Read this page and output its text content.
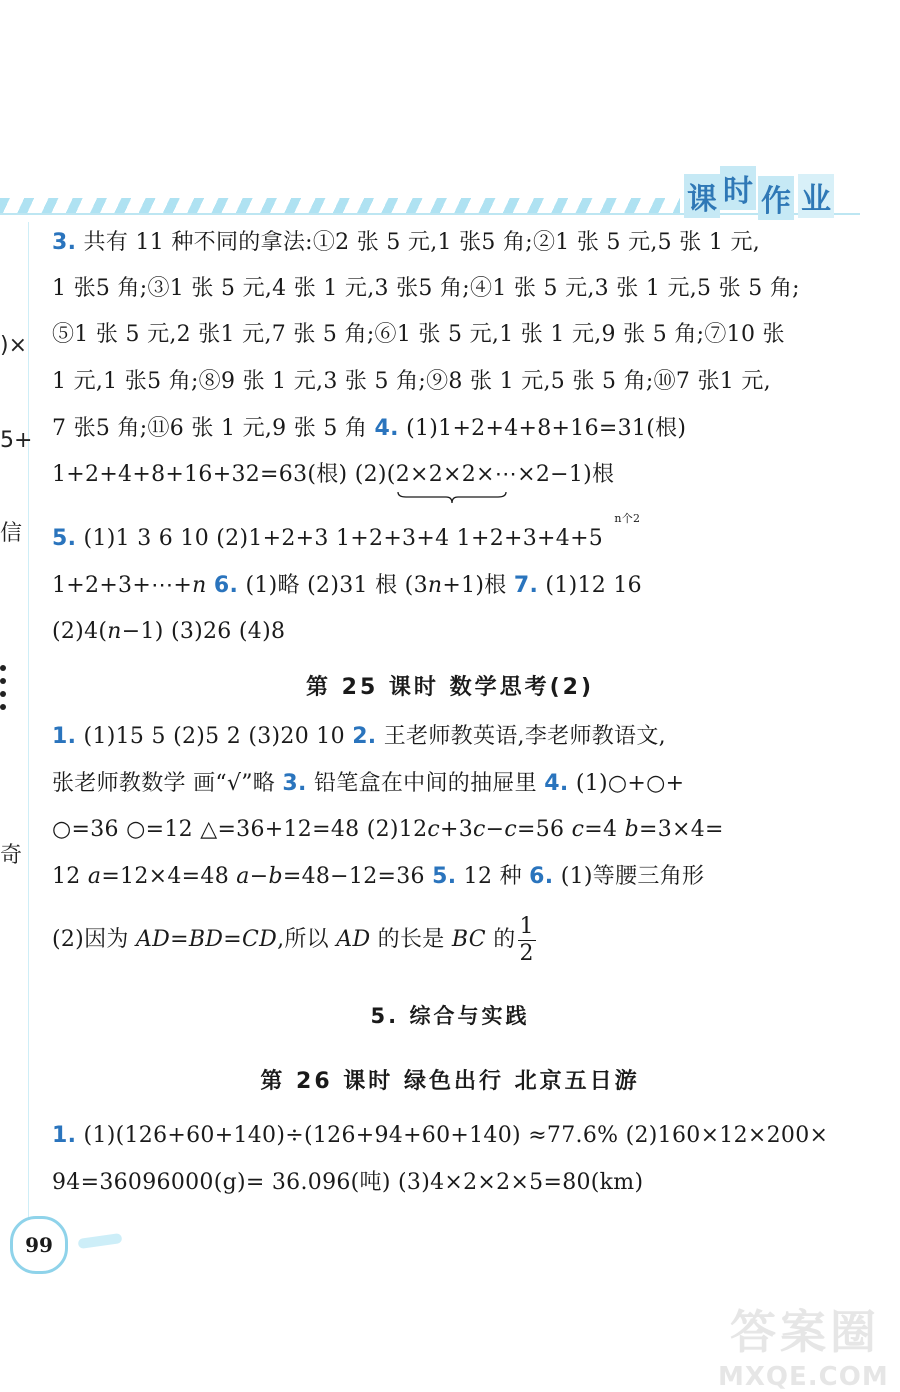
课 时 作 业
)×
5+
信
奇
3. 共有 11 种不同的拿法:①2 张 5 元,1 张5 角;②1 张 5 元,5 张 1 元,
1 张5 角;③1 张 5 元,4 张 1 元,3 张5 角;④1 张 5 元,3 张 1 元,5 张 5 角;
⑤1 张 5 元,2 张1 元,7 张 5 角;⑥1 张 5 元,1 张 1 元,9 张 5 角;⑦10 张
1 元,1 张5 角;⑧9 张 1 元,3 张 5 角;⑨8 张 1 元,5 张 5 角;⑩7 张1 元,
7 张5 角;⑪6 张 1 元,9 张 5 角 4. (1)1+2+4+8+16=31(根)
1+2+4+8+16+32=63(根) (2)(2×2×2×⋯×2
n个2
−1)根
5. (1)1 3 6 10 (2)1+2+3 1+2+3+4 1+2+3+4+5
1+2+3+⋯+n 6. (1)略 (2)31 根 (3n+1)根 7. (1)12 16
(2)4(n−1) (3)26 (4)8
第 25 课时 数学思考(2)
1. (1)15 5 (2)5 2 (3)20 10 2. 王老师教英语,李老师教语文,
张老师教数学 画“√”略 3. 铅笔盒在中间的抽屉里 4. (1)○+○+
○=36 ○=12 △=36+12=48 (2)12c+3c−c=56 c=4 b=3×4=
12 a=12×4=48 a−b=48−12=36 5. 12 种 6. (1)等腰三角形
(2)因为 AD=BD=CD,所以 AD 的长是 BC 的 $\frac{1}{2}$
5. 综合与实践
第 26 课时 绿色出行 北京五日游
1. (1)(126+60+140)÷(126+94+60+140) ≈77.6% (2)160×12×200×
94=36096000(g)= 36.096(吨) (3)4×2×2×5=80(km)
99
答案圈
MXQE.COM
